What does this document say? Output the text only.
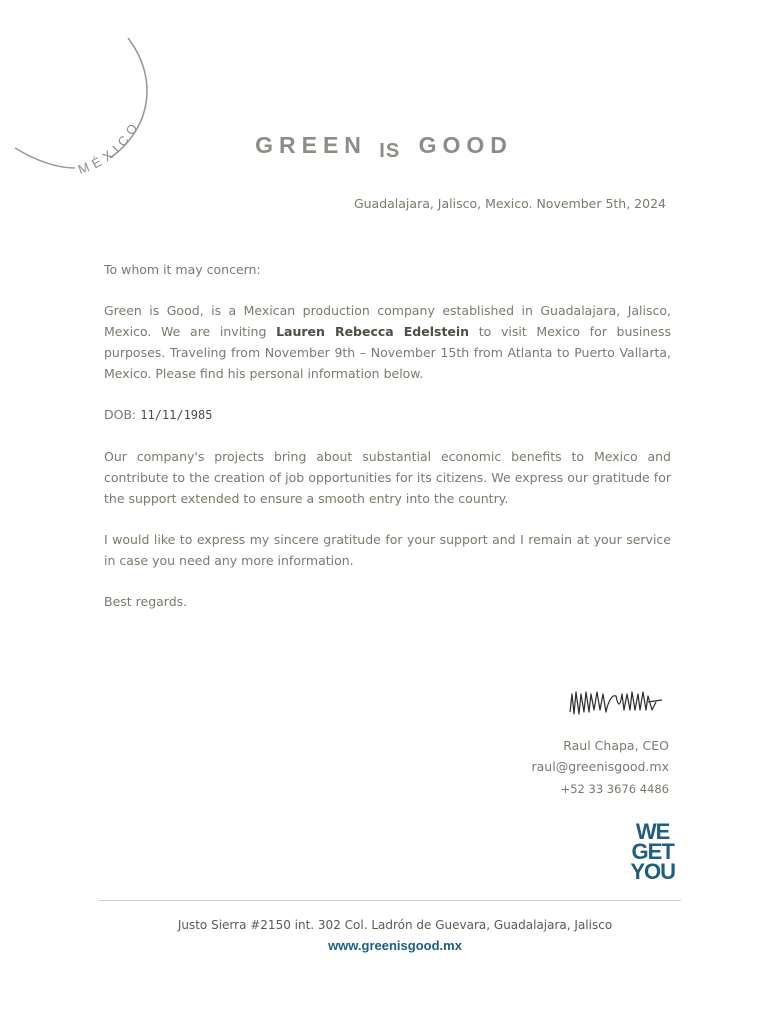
MÉXICO
GREEN IS GOOD
Guadalajara, Jalisco, Mexico. November 5th, 2024

To whom it may concern:

Green is Good, is a Mexican production company established in Guadalajara, Jalisco, Mexico. We are inviting Lauren Rebecca Edelstein to visit Mexico for business purposes. Traveling from November 9th – November 15th from Atlanta to Puerto Vallarta, Mexico. Please find his personal information below.

DOB: 11/11/1985

Our company's projects bring about substantial economic benefits to Mexico and contribute to the creation of job opportunities for its citizens. We express our gratitude for the support extended to ensure a smooth entry into the country.

I would like to express my sincere gratitude for your support and I remain at your service in case you need any more information.

Best regards.

Raul Chapa, CEO
raul@greenisgood.mx
+52 33 3676 4486
WE
GET
YOU
Justo Sierra #2150 int. 302 Col. Ladrón de Guevara, Guadalajara, Jalisco
www.greenisgood.mx
